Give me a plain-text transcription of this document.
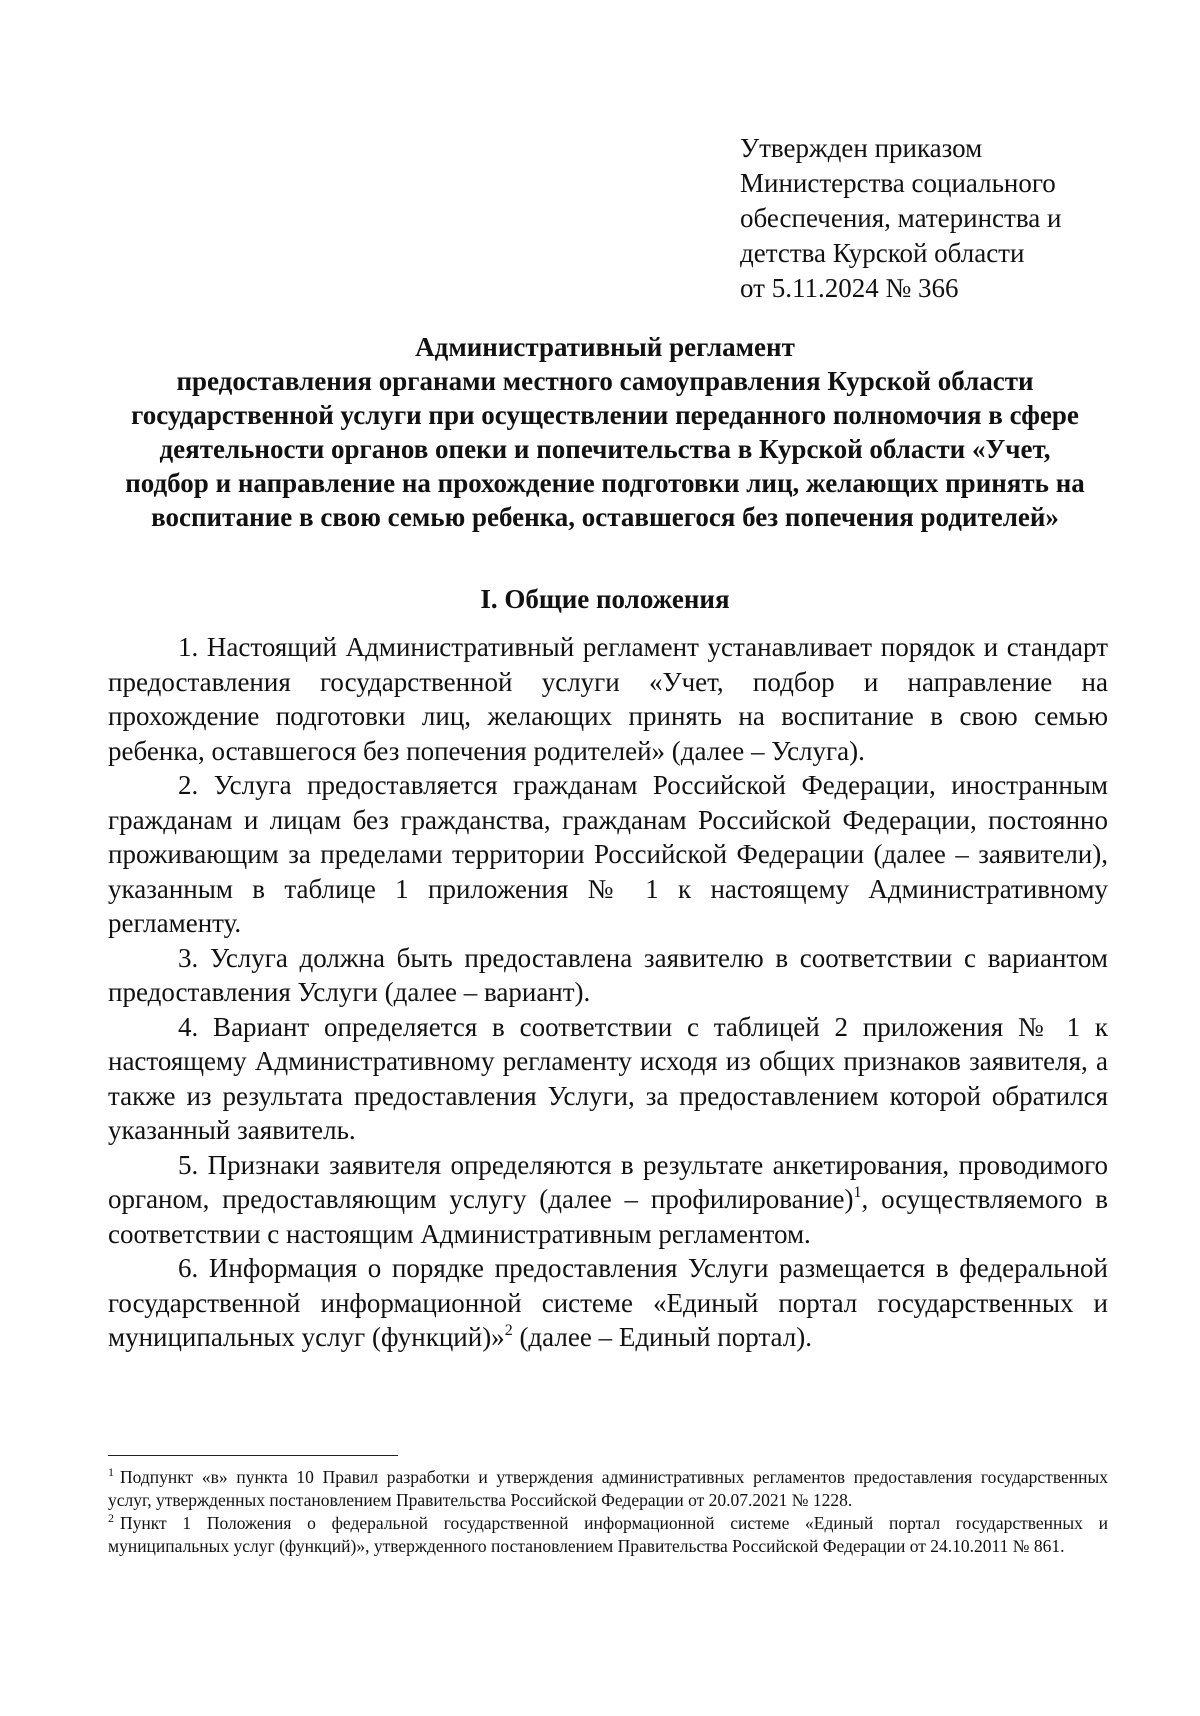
Утвержден приказом
Министерства социального
обеспечения, материнства и
детства Курской области
от 5.11.2024 № 366
Административный регламент
предоставления органами местного самоуправления Курской области
государственной услуги при осуществлении переданного полномочия в сфере
деятельности органов опеки и попечительства в Курской области «Учет,
подбор и направление на прохождение подготовки лиц, желающих принять на
воспитание в свою семью ребенка, оставшегося без попечения родителей»
I. Общие положения

1. Настоящий Административный регламент устанавливает порядок и стандарт предоставления государственной услуги «Учет, подбор и направление на прохождение подготовки лиц, желающих принять на воспитание в свою семью ребенка, оставшегося без попечения родителей» (далее – Услуга).

2. Услуга предоставляется гражданам Российской Федерации, иностранным гражданам и лицам без гражданства, гражданам Российской Федерации, постоянно проживающим за пределами территории Российской Федерации (далее – заявители), указанным в таблице 1 приложения № 1 к настоящему Административному регламенту.

3. Услуга должна быть предоставлена заявителю в соответствии с вариантом предоставления Услуги (далее – вариант).

4. Вариант определяется в соответствии с таблицей 2 приложения № 1 к настоящему Административному регламенту исходя из общих признаков заявителя, а также из результата предоставления Услуги, за предоставлением которой обратился указанный заявитель.

5. Признаки заявителя определяются в результате анкетирования, проводимого органом, предоставляющим услугу (далее – профилирование)$^1$, осуществляемого в соответствии с настоящим Административным регламентом.

6. Информация о порядке предоставления Услуги размещается в федеральной государственной информационной системе «Единый портал государственных и муниципальных услуг (функций)»$^2$ (далее – Единый портал).

$^1$ Подпункт «в» пункта 10 Правил разработки и утверждения административных регламентов предоставления государственных услуг, утвержденных постановлением Правительства Российской Федерации от 20.07.2021 № 1228.

$^2$ Пункт 1 Положения о федеральной государственной информационной системе «Единый портал государственных и муниципальных услуг (функций)», утвержденного постановлением Правительства Российской Федерации от 24.10.2011 № 861.
